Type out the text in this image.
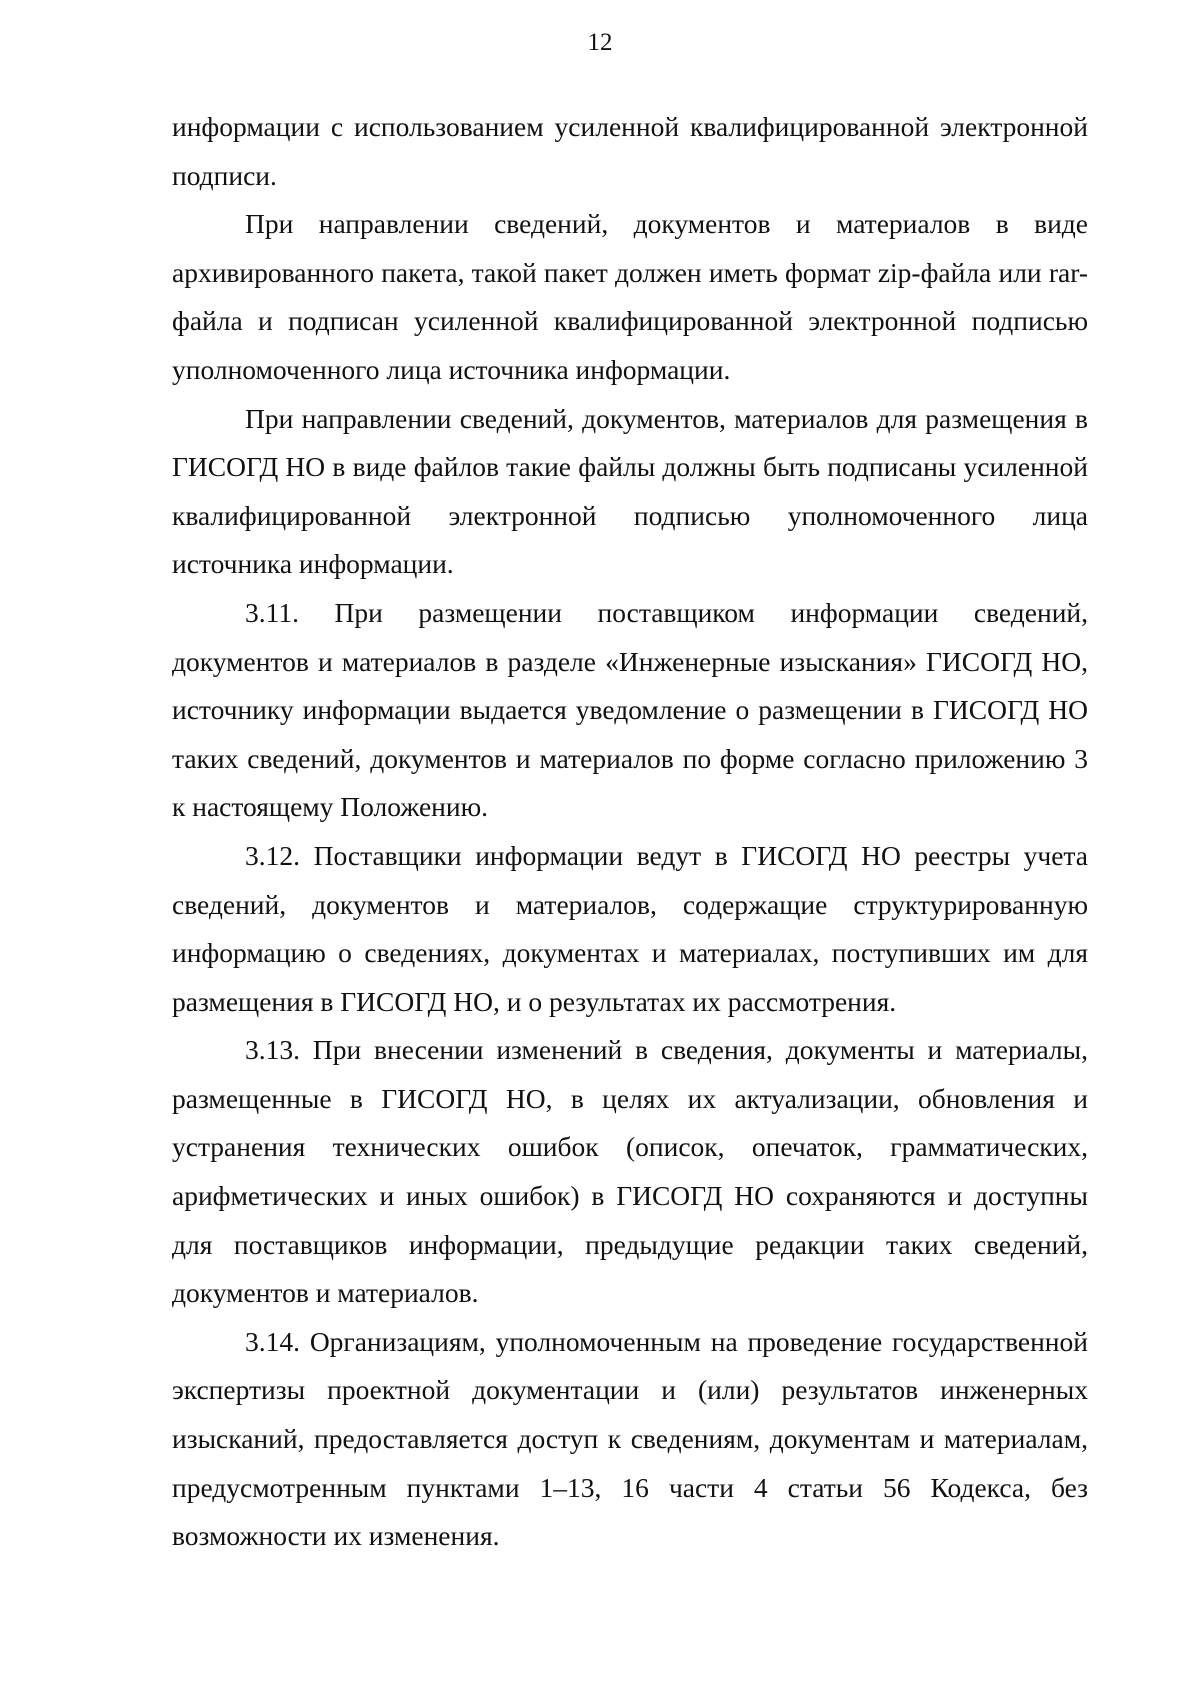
12

информации с использованием усиленной квалифицированной электронной подписи.

При направлении сведений, документов и материалов в виде архивированного пакета, такой пакет должен иметь формат zip-файла или rar-файла и подписан усиленной квалифицированной электронной подписью уполномоченного лица источника информации.

При направлении сведений, документов, материалов для размещения в ГИСОГД НО в виде файлов такие файлы должны быть подписаны усиленной квалифицированной электронной подписью уполномоченного лица источника информации.

3.11. При размещении поставщиком информации сведений, документов и материалов в разделе «Инженерные изыскания» ГИСОГД НО, источнику информации выдается уведомление о размещении в ГИСОГД НО таких сведений, документов и материалов по форме согласно приложению 3 к настоящему Положению.

3.12. Поставщики информации ведут в ГИСОГД НО реестры учета сведений, документов и материалов, содержащие структурированную информацию о сведениях, документах и материалах, поступивших им для размещения в ГИСОГД НО, и о результатах их рассмотрения.

3.13. При внесении изменений в сведения, документы и материалы, размещенные в ГИСОГД НО, в целях их актуализации, обновления и устранения технических ошибок (описок, опечаток, грамматических, арифметических и иных ошибок) в ГИСОГД НО сохраняются и доступны для поставщиков информации, предыдущие редакции таких сведений, документов и материалов.

3.14. Организациям, уполномоченным на проведение государственной экспертизы проектной документации и (или) результатов инженерных изысканий, предоставляется доступ к сведениям, документам и материалам, предусмотренным пунктами 1–13, 16 части 4 статьи 56 Кодекса, без возможности их изменения.
